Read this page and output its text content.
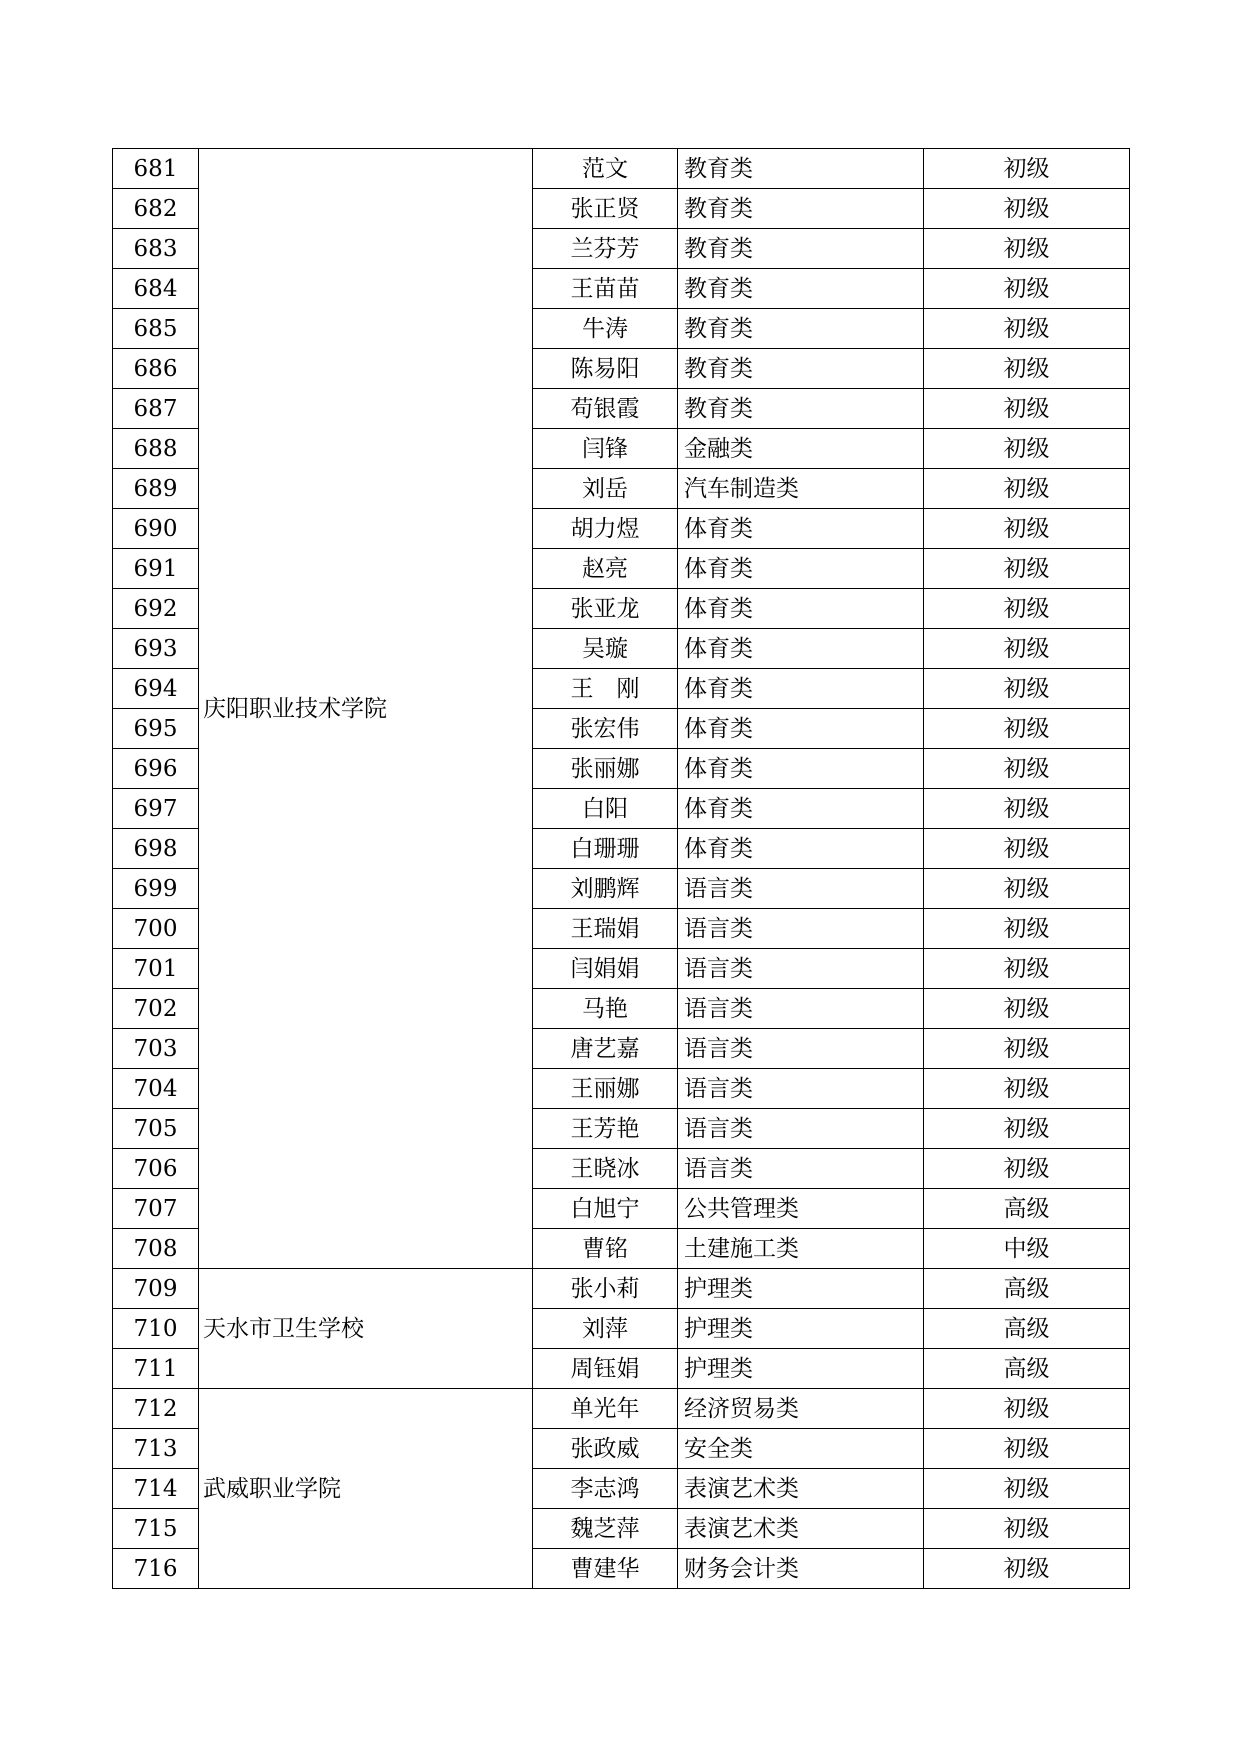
681	庆阳职业技术学院	范文	教育类	初级
682		张正贤	教育类	初级
683		兰芬芳	教育类	初级
684		王苗苗	教育类	初级
685		牛涛	教育类	初级
686		陈易阳	教育类	初级
687		苟银霞	教育类	初级
688		闫锋	金融类	初级
689		刘岳	汽车制造类	初级
690		胡力煜	体育类	初级
691		赵亮	体育类	初级
692		张亚龙	体育类	初级
693		吴璇	体育类	初级
694		王　刚	体育类	初级
695		张宏伟	体育类	初级
696		张丽娜	体育类	初级
697		白阳	体育类	初级
698		白珊珊	体育类	初级
699		刘鹏辉	语言类	初级
700		王瑞娟	语言类	初级
701		闫娟娟	语言类	初级
702		马艳	语言类	初级
703		唐艺嘉	语言类	初级
704		王丽娜	语言类	初级
705		王芳艳	语言类	初级
706		王晓冰	语言类	初级
707		白旭宁	公共管理类	高级
708		曹铭	土建施工类	中级
709	天水市卫生学校	张小莉	护理类	高级
710		刘萍	护理类	高级
711		周钰娟	护理类	高级
712	武威职业学院	单光年	经济贸易类	初级
713		张政威	安全类	初级
714		李志鸿	表演艺术类	初级
715		魏芝萍	表演艺术类	初级
716		曹建华	财务会计类	初级
